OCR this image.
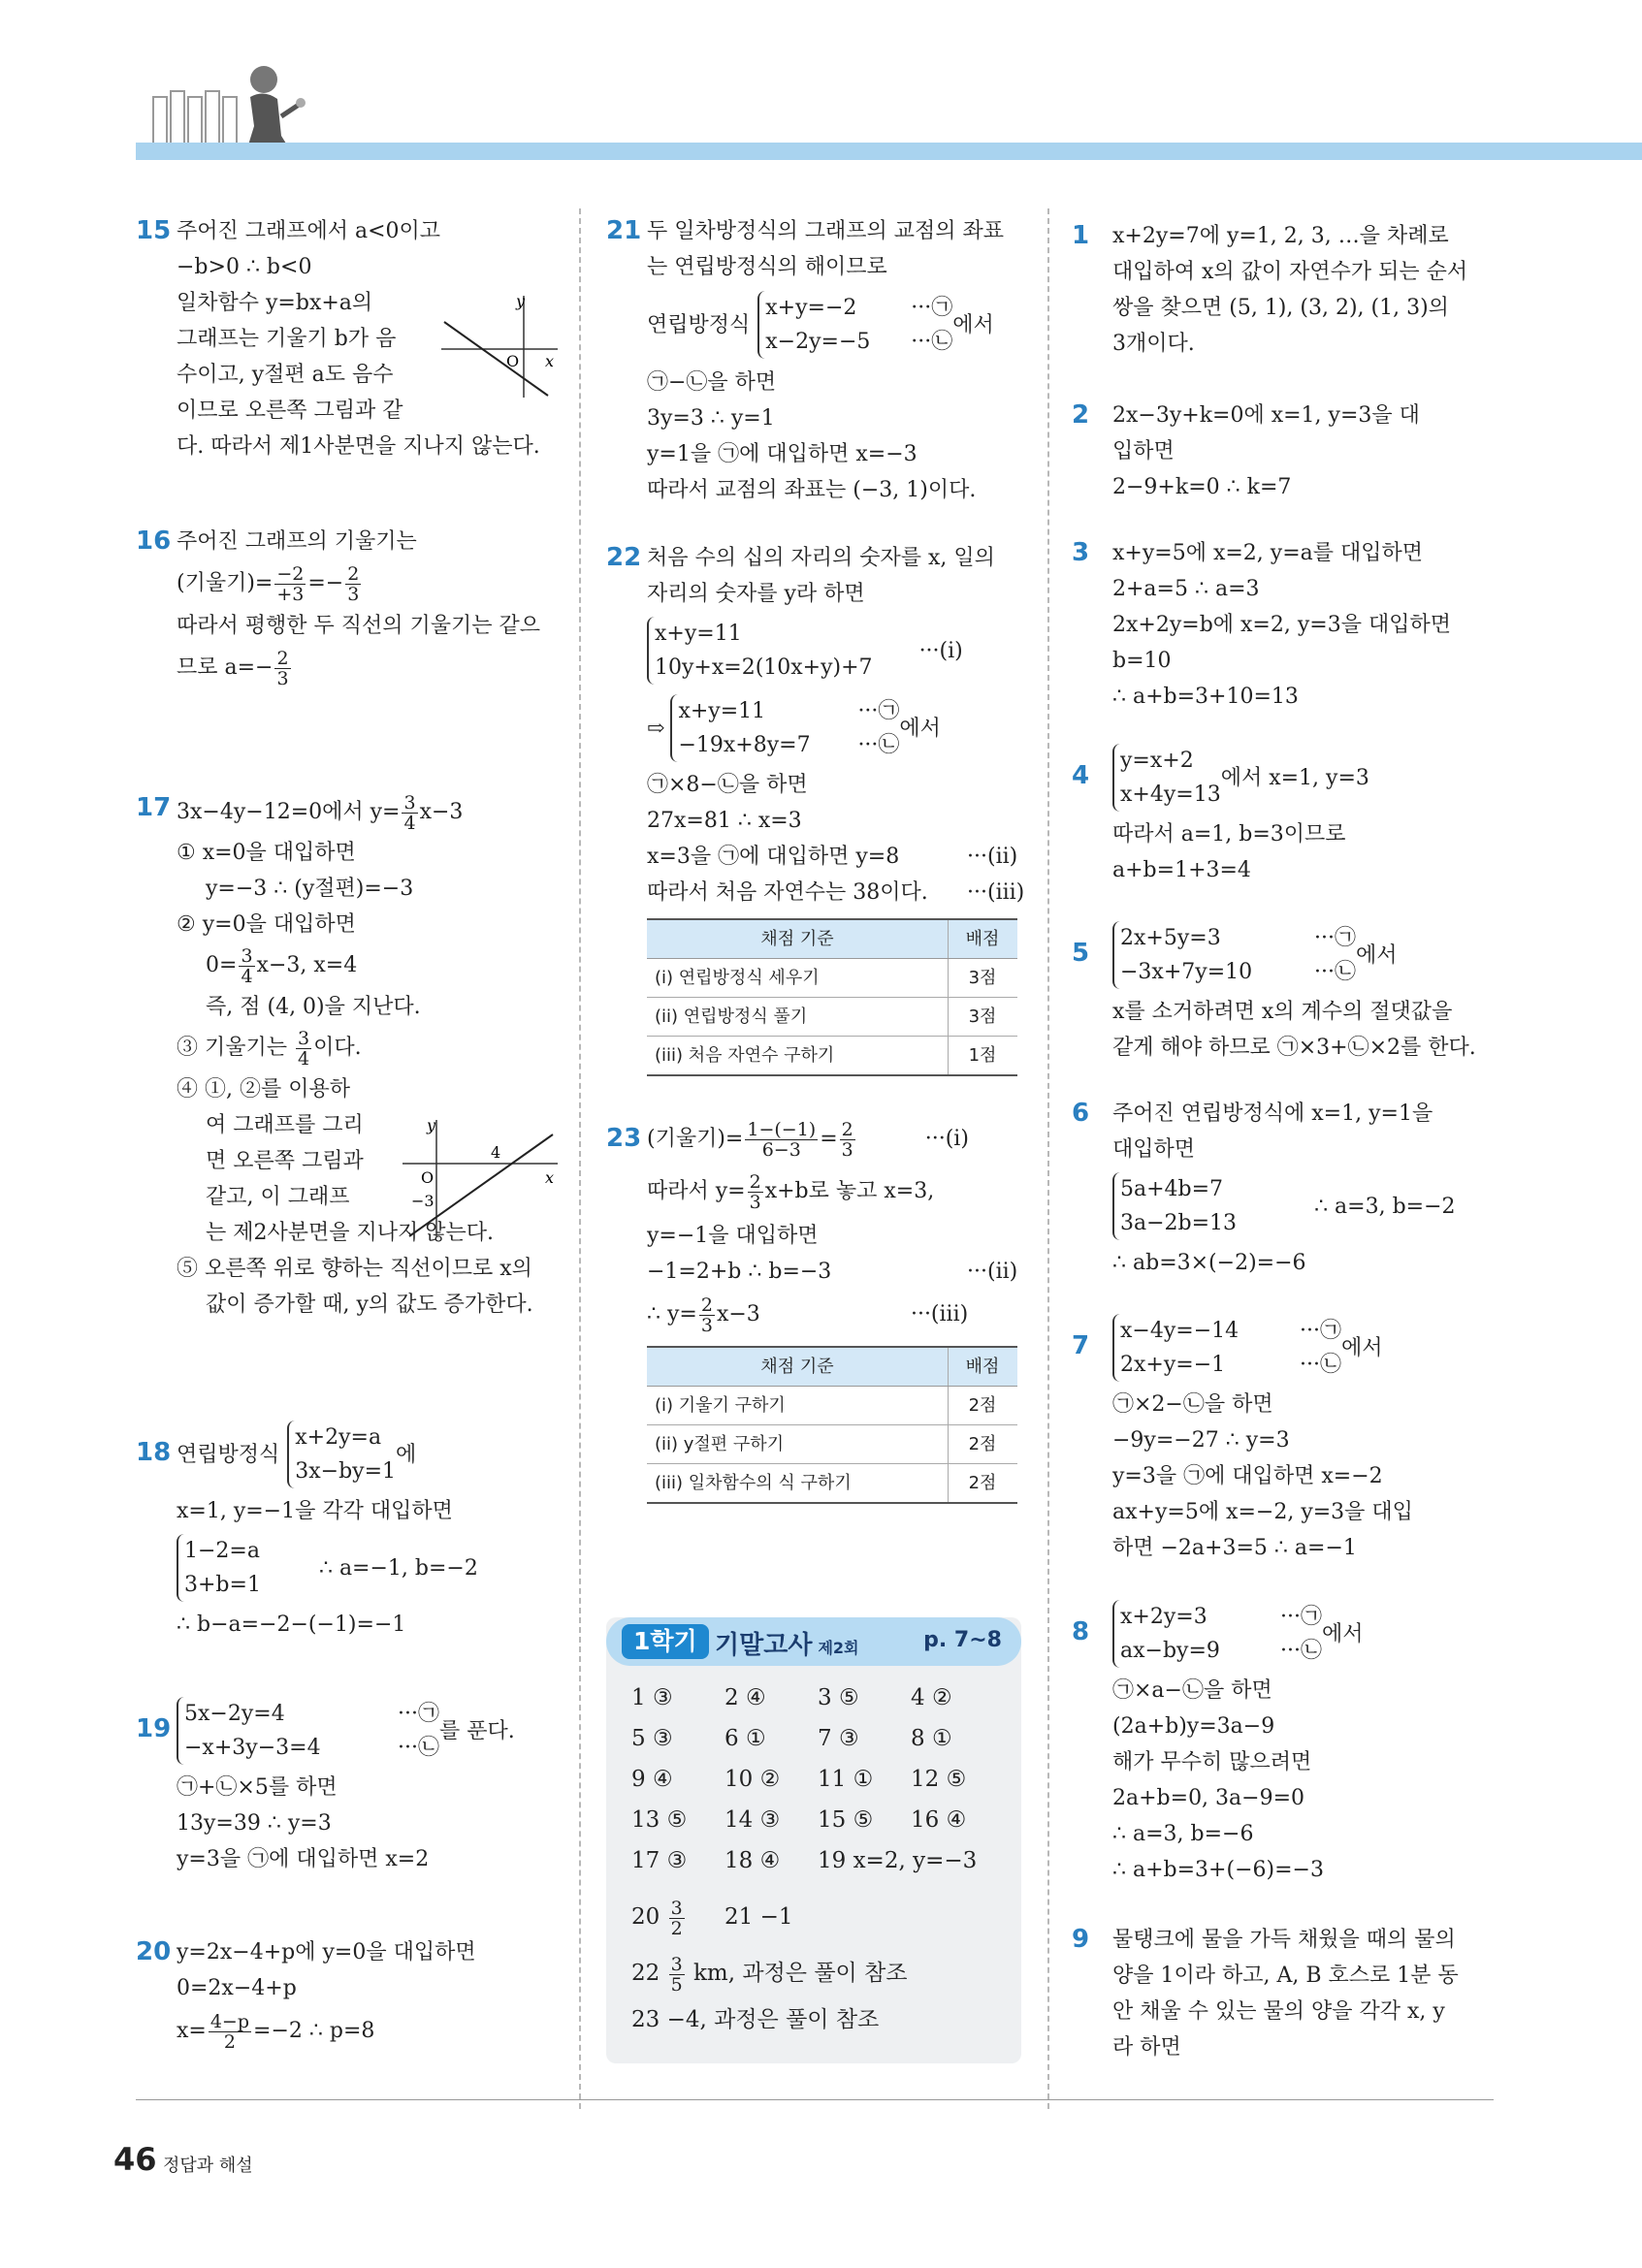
15 주어진 그래프에서 a<0이고
−b>0 ∴ b<0
일차함수 y=bx+a의
그래프는 기울기 b가 음
수이고, y절편 a도 음수
이므로 오른쪽 그림과 같
다. 따라서 제1사분면을 지나지 않는다.
y
x
O
16 주어진 그래프의 기울기는
(기울기)= $\frac{-2}{+3} =- \frac{2}{3}$
따라서 평행한 두 직선의 기울기는 같으
므로 $a=- \frac{2}{3}$
17 3x−4y−12=0에서 $y= \frac{3}{4} x-3$
① x=0을 대입하면
y=−3 ∴ (y절편)=−3
② y=0을 대입하면
$0= \frac{3}{4} x-3$, x=4
즉, 점 (4, 0)을 지난다.
③ 기울기는 $\frac{3}{4}$ 이다.
④ ①, ②를 이용하
여 그래프를 그리
면 오른쪽 그림과
같고, 이 그래프
는 제2사분면을 지나지 않는다.
⑤ 오른쪽 위로 향하는 직선이므로 x의
값이 증가할 때, y의 값도 증가한다.
y
x
O
4
−3
18 연립방정식
x+2y=a
3x−by=1
에
x=1, y=−1을 각각 대입하면
1−2=a
3+b=1
∴ a=−1, b=−2
∴ b−a=−2−(−1)=−1
19
5x−2y=4	···㉠
−x+3y−3=4	···㉡
를 푼다.
㉠+㉡×5를 하면
13y=39 ∴ y=3
y=3을 ㉠에 대입하면 x=2
20 y=2x−4+p에 y=0을 대입하면
0=2x−4+p
$x= \frac{4-p}{2} =-2$ ∴ p=8
21 두 일차방정식의 그래프의 교점의 좌표
는 연립방정식의 해이므로
연립방정식
x+y=−2	···㉠
x−2y=−5 ···㉡
에서
㉠−㉡을 하면
3y=3 ∴ y=1
y=1을 ㉠에 대입하면 x=−3
따라서 교점의 좌표는 (−3, 1)이다.
22 처음 수의 십의 자리의 숫자를 x, 일의
자리의 숫자를 y라 하면
x+y=11
10y+x=2(10x+y)+7
···(i)
⇨
x+y=11	···㉠
−19x+8y=7 ···㉡
에서
㉠×8−㉡을 하면
27x=81 ∴ x=3
x=3을 ㉠에 대입하면 y=8	···(ii)
따라서 처음 자연수는 38이다. ···(iii)
채점 기준	배점
(i) 연립방정식 세우기	3점
(ii) 연립방정식 풀기	3점
(iii) 처음 자연수 구하기	1점
23 (기울기)= $\frac{1-(-1)}{6-3} = \frac{2}{3}$	···(i)
따라서 $y= \frac{2}{3} x+b$로 놓고 x=3,
y=−1을 대입하면
−1=2+b ∴ b=−3	···(ii)
∴ $y= \frac{2}{3} x-3$	···(iii)
채점 기준	배점
(i) 기울기 구하기	2점
(ii) y절편 구하기	2점
(iii) 일차함수의 식 구하기	2점
1학기 기말고사 제2회	p. 7~8
1 ③ 2 ④ 3 ⑤ 4 ②
5 ③ 6 ① 7 ③ 8 ①
9 ④ 10 ② 11 ① 12 ⑤
13 ⑤ 14 ③ 15 ⑤ 16 ④
17 ③ 18 ④ 19 x=2, y=−3
$20 \frac{3}{2} 21 -1$
$22 \frac{3}{5}$ km, 과정은 풀이 참조
23 −4, 과정은 풀이 참조
1 x+2y=7에 y=1, 2, 3, …을 차례로
대입하여 x의 값이 자연수가 되는 순서
쌍을 찾으면 (5, 1), (3, 2), (1, 3)의
3개이다.
2 2x−3y+k=0에 x=1, y=3을 대
입하면
2−9+k=0 ∴ k=7
3 x+y=5에 x=2, y=a를 대입하면
2+a=5 ∴ a=3
2x+2y=b에 x=2, y=3을 대입하면
b=10
∴ a+b=3+10=13
4
y=x+2
x+4y=13
에서 x=1, y=3
따라서 a=1, b=3이므로
a+b=1+3=4
5
2x+5y=3	···㉠
−3x+7y=10	···㉡
에서
x를 소거하려면 x의 계수의 절댓값을
같게 해야 하므로 ㉠×3+㉡×2를 한다.
6 주어진 연립방정식에 x=1, y=1을
대입하면
5a+4b=7
3a−2b=13
∴ a=3, b=−2
∴ ab=3×(−2)=−6
7
x−4y=−14	···㉠
2x+y=−1	···㉡
에서
㉠×2−㉡을 하면
−9y=−27 ∴ y=3
y=3을 ㉠에 대입하면 x=−2
ax+y=5에 x=−2, y=3을 대입
하면 −2a+3=5 ∴ a=−1
8
x+2y=3	···㉠
ax−by=9	···㉡
에서
㉠×a−㉡을 하면
(2a+b)y=3a−9
해가 무수히 많으려면
2a+b=0, 3a−9=0
∴ a=3, b=−6
∴ a+b=3+(−6)=−3
9 물탱크에 물을 가득 채웠을 때의 물의
양을 1이라 하고, A, B 호스로 1분 동
안 채울 수 있는 물의 양을 각각 x, y
라 하면
46 정답과 해설
